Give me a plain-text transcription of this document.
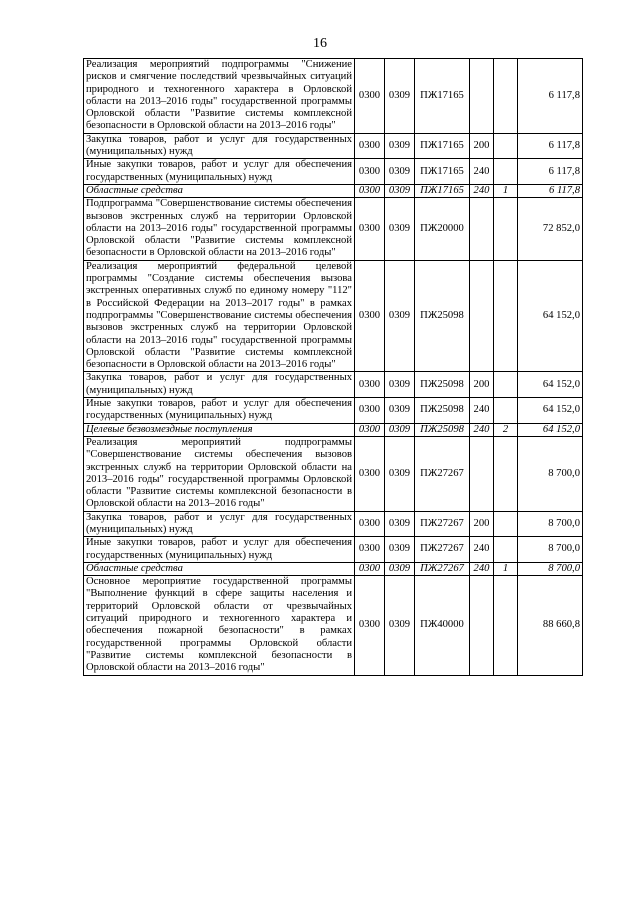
16
Реализация мероприятий подпрограммы "Снижение рисков и смягчение последствий чрезвычайных ситуаций природного и техногенного характера в Орловской области на 2013–2016 годы" государственной программы Орловской области "Развитие системы комплексной безопасности в Орловской области на 2013–2016 годы"	0300	0309	ПЖ17165			6 117,8
Закупка товаров, работ и услуг для государственных (муниципальных) нужд	0300	0309	ПЖ17165	200		6 117,8
Иные закупки товаров, работ и услуг для обеспечения государственных (муниципальных) нужд	0300	0309	ПЖ17165	240		6 117,8
Областные средства	0300	0309	ПЖ17165	240	1	6 117,8
Подпрограмма "Совершенствование системы обеспечения вызовов экстренных служб на территории Орловской области на 2013–2016 годы" государственной программы Орловской области "Развитие системы комплексной безопасности в Орловской области на 2013–2016 годы"	0300	0309	ПЖ20000			72 852,0
Реализация мероприятий федеральной целевой программы "Создание системы обеспечения вызова экстренных оперативных служб по единому номеру "112" в Российской Федерации на 2013–2017 годы" в рамках подпрограммы "Совершенствование системы обеспечения вызовов экстренных служб на территории Орловской области на 2013–2016 годы" государственной программы Орловской области "Развитие системы комплексной безопасности в Орловской области на 2013–2016 годы"	0300	0309	ПЖ25098			64 152,0
Закупка товаров, работ и услуг для государственных (муниципальных) нужд	0300	0309	ПЖ25098	200		64 152,0
Иные закупки товаров, работ и услуг для обеспечения государственных (муниципальных) нужд	0300	0309	ПЖ25098	240		64 152,0
Целевые безвозмездные поступления	0300	0309	ПЖ25098	240	2	64 152,0
Реализация мероприятий подпрограммы "Совершенствование системы обеспечения вызовов экстренных служб на территории Орловской области на 2013–2016 годы" государственной программы Орловской области "Развитие системы комплексной безопасности в Орловской области на 2013–2016 годы"	0300	0309	ПЖ27267			8 700,0
Закупка товаров, работ и услуг для государственных (муниципальных) нужд	0300	0309	ПЖ27267	200		8 700,0
Иные закупки товаров, работ и услуг для обеспечения государственных (муниципальных) нужд	0300	0309	ПЖ27267	240		8 700,0
Областные средства	0300	0309	ПЖ27267	240	1	8 700,0
Основное мероприятие государственной программы "Выполнение функций в сфере защиты населения и территорий Орловской области от чрезвычайных ситуаций природного и техногенного характера и обеспечения пожарной безопасности" в рамках государственной программы Орловской области "Развитие системы комплексной безопасности в Орловской области на 2013–2016 годы"	0300	0309	ПЖ40000			88 660,8
